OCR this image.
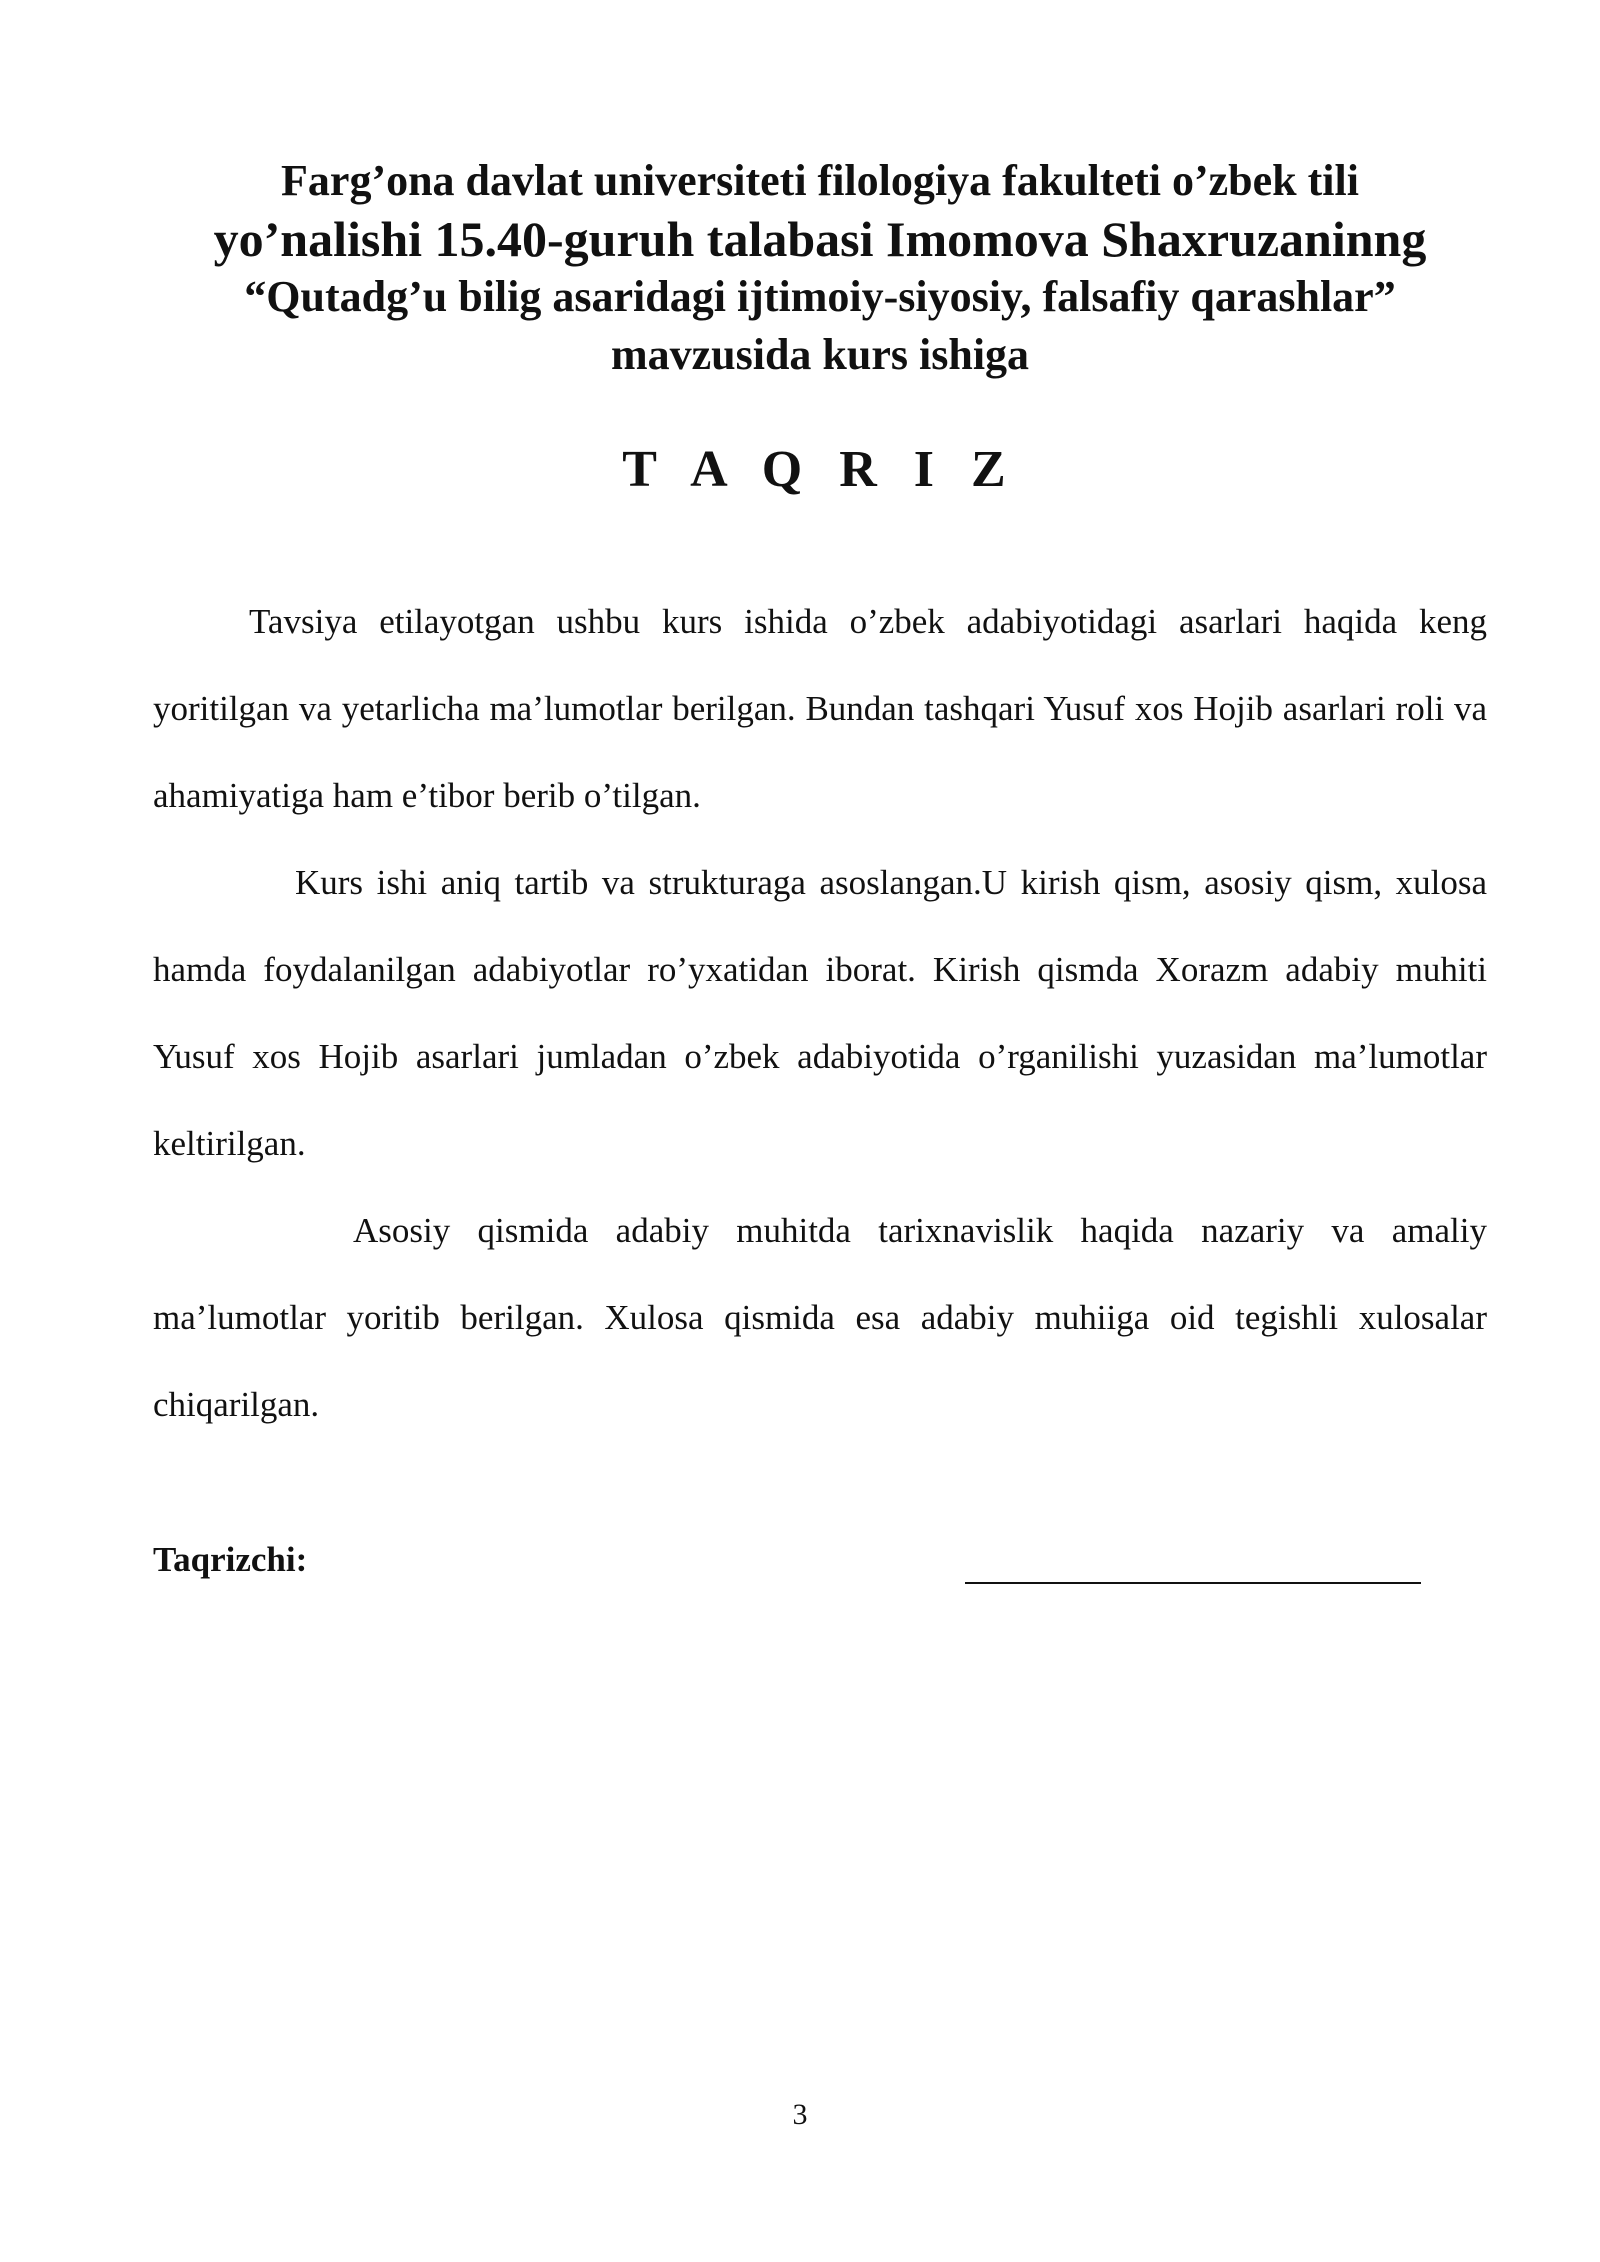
Farg’ona davlat universiteti filologiya fakulteti o’zbek tili
yo’nalishi 15.40-guruh talabasi Imomova Shaxruzaninng
“Qutadg’u bilig asaridagi ijtimoiy-siyosiy, falsafiy qarashlar”
mavzusida kurs ishiga
T A Q R I Z

Tavsiya etilayotgan ushbu kurs ishida o’zbek adabiyotidagi asarlari haqida keng yoritilgan va yetarlicha ma’lumotlar berilgan. Bundan tashqari Yusuf xos Hojib asarlari roli va ahamiyatiga ham e’tibor berib o’tilgan.

Kurs ishi aniq tartib va strukturaga asoslangan.U kirish qism, asosiy qism, xulosa hamda foydalanilgan adabiyotlar ro’yxatidan iborat. Kirish qismda Xorazm adabiy muhiti Yusuf xos Hojib asarlari jumladan o’zbek adabiyotida o’rganilishi yuzasidan ma’lumotlar keltirilgan.

Asosiy qismida adabiy muhitda tarixnavislik haqida nazariy va amaliy ma’lumotlar yoritib berilgan. Xulosa qismida esa adabiy muhiiga oid tegishli xulosalar chiqarilgan.

Taqrizchi:
3
